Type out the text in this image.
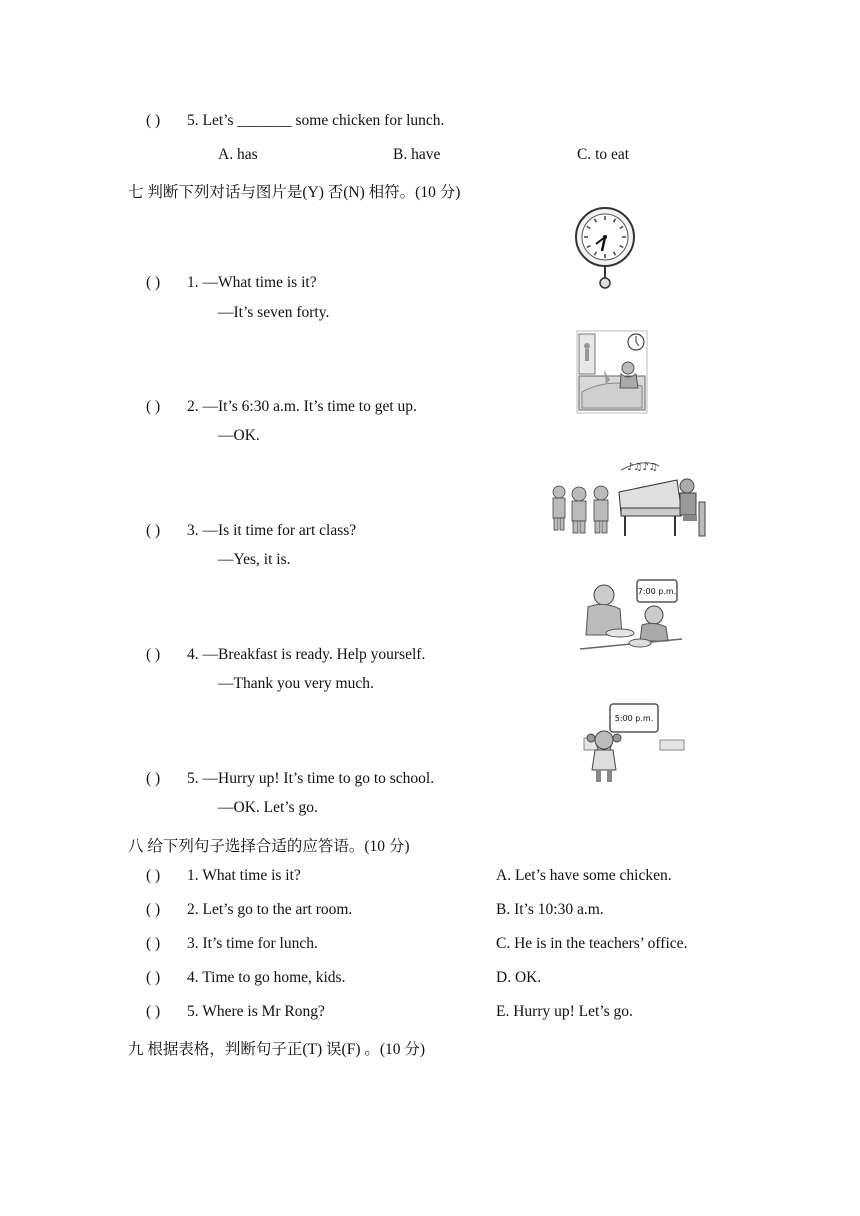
( ) 5. Let’s _______ some chicken for lunch.
A. has	B. have	C. to eat
七 判断下列对话与图片是(Y) 否(N) 相符。(10 分)
( ) 1. —What time is it?
—It’s seven forty.
( ) 2. —It’s 6:30 a.m. It’s time to get up.
—OK.
( ) 3. —Is it time for art class?
—Yes, it is.
( ) 4. —Breakfast is ready. Help yourself.
—Thank you very much.
( ) 5. —Hurry up! It’s time to go to school.
—OK. Let’s go.
♪♫♪♫
7:00 p.m.
5:00 p.m.
八 给下列句子选择合适的应答语。(10 分)
( ) 1. What time is it?	A. Let’s have some chicken.
( ) 2. Let’s go to the art room.	B. It’s 10:30 a.m.
( ) 3. It’s time for lunch.	C. He is in the teachers’ office.
( ) 4. Time to go home, kids.	D. OK.
( ) 5. Where is Mr Rong?	E. Hurry up! Let’s go.
九 根据表格，判断句子正(T) 误(F) 。(10 分)
